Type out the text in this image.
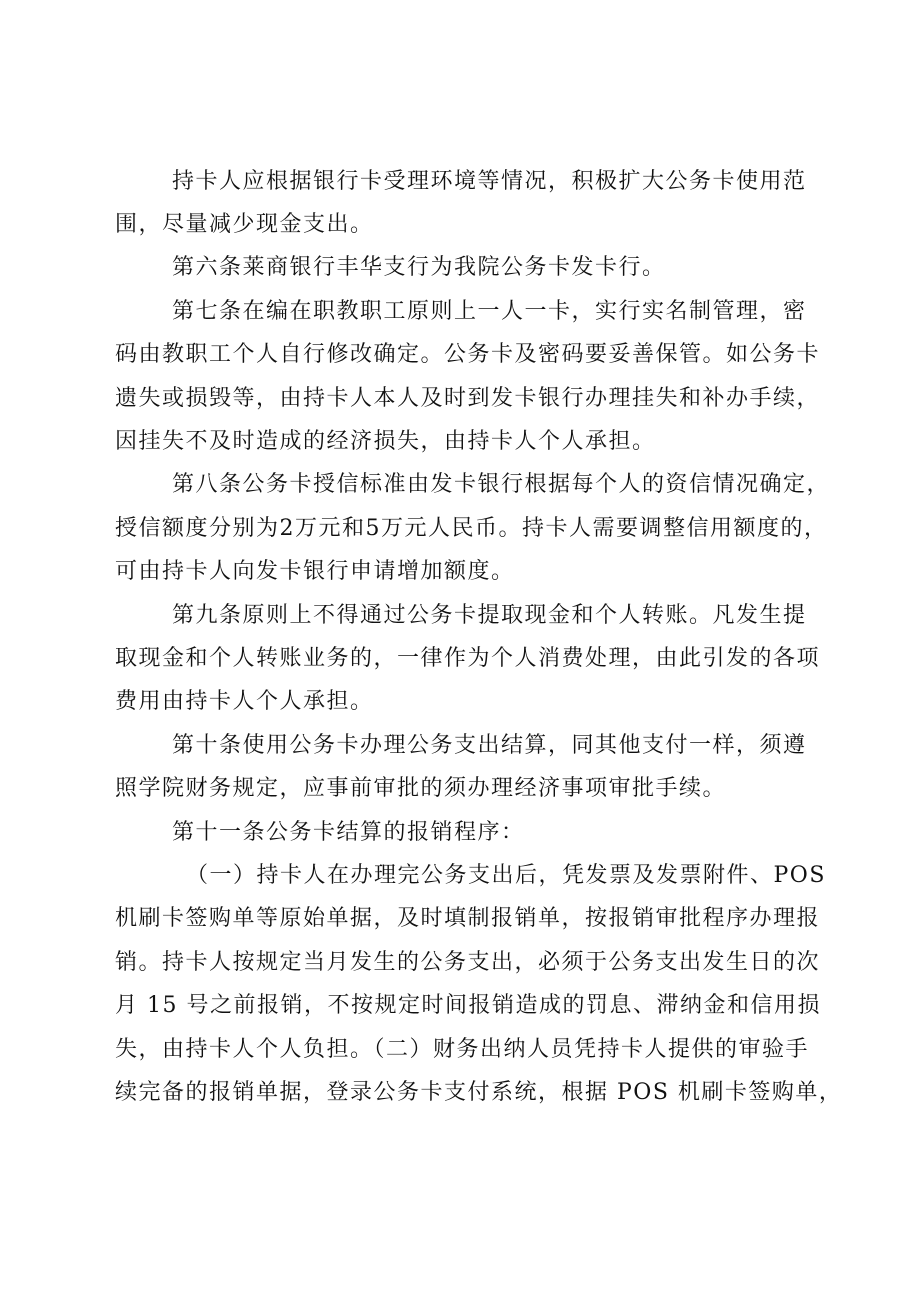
持卡人应根据银行卡受理环境等情况，积极扩大公务卡使用范

围，尽量减少现金支出。

第六条莱商银行丰华支行为我院公务卡发卡行。

第七条在编在职教职工原则上一人一卡，实行实名制管理，密

码由教职工个人自行修改确定。公务卡及密码要妥善保管。如公务卡

遗失或损毁等，由持卡人本人及时到发卡银行办理挂失和补办手续，

因挂失不及时造成的经济损失，由持卡人个人承担。

第八条公务卡授信标准由发卡银行根据每个人的资信情况确定，

授信额度分别为2万元和5万元人民币。持卡人需要调整信用额度的，

可由持卡人向发卡银行申请增加额度。

第九条原则上不得通过公务卡提取现金和个人转账。凡发生提

取现金和个人转账业务的，一律作为个人消费处理，由此引发的各项

费用由持卡人个人承担。

第十条使用公务卡办理公务支出结算，同其他支付一样，须遵

照学院财务规定，应事前审批的须办理经济事项审批手续。

第十一条公务卡结算的报销程序：

（一）持卡人在办理完公务支出后，凭发票及发票附件、POS

机刷卡签购单等原始单据，及时填制报销单，按报销审批程序办理报

销。持卡人按规定当月发生的公务支出，必须于公务支出发生日的次

月 15 号之前报销，不按规定时间报销造成的罚息、滞纳金和信用损

失，由持卡人个人负担。（二）财务出纳人员凭持卡人提供的审验手

续完备的报销单据，登录公务卡支付系统，根据 POS 机刷卡签购单，
